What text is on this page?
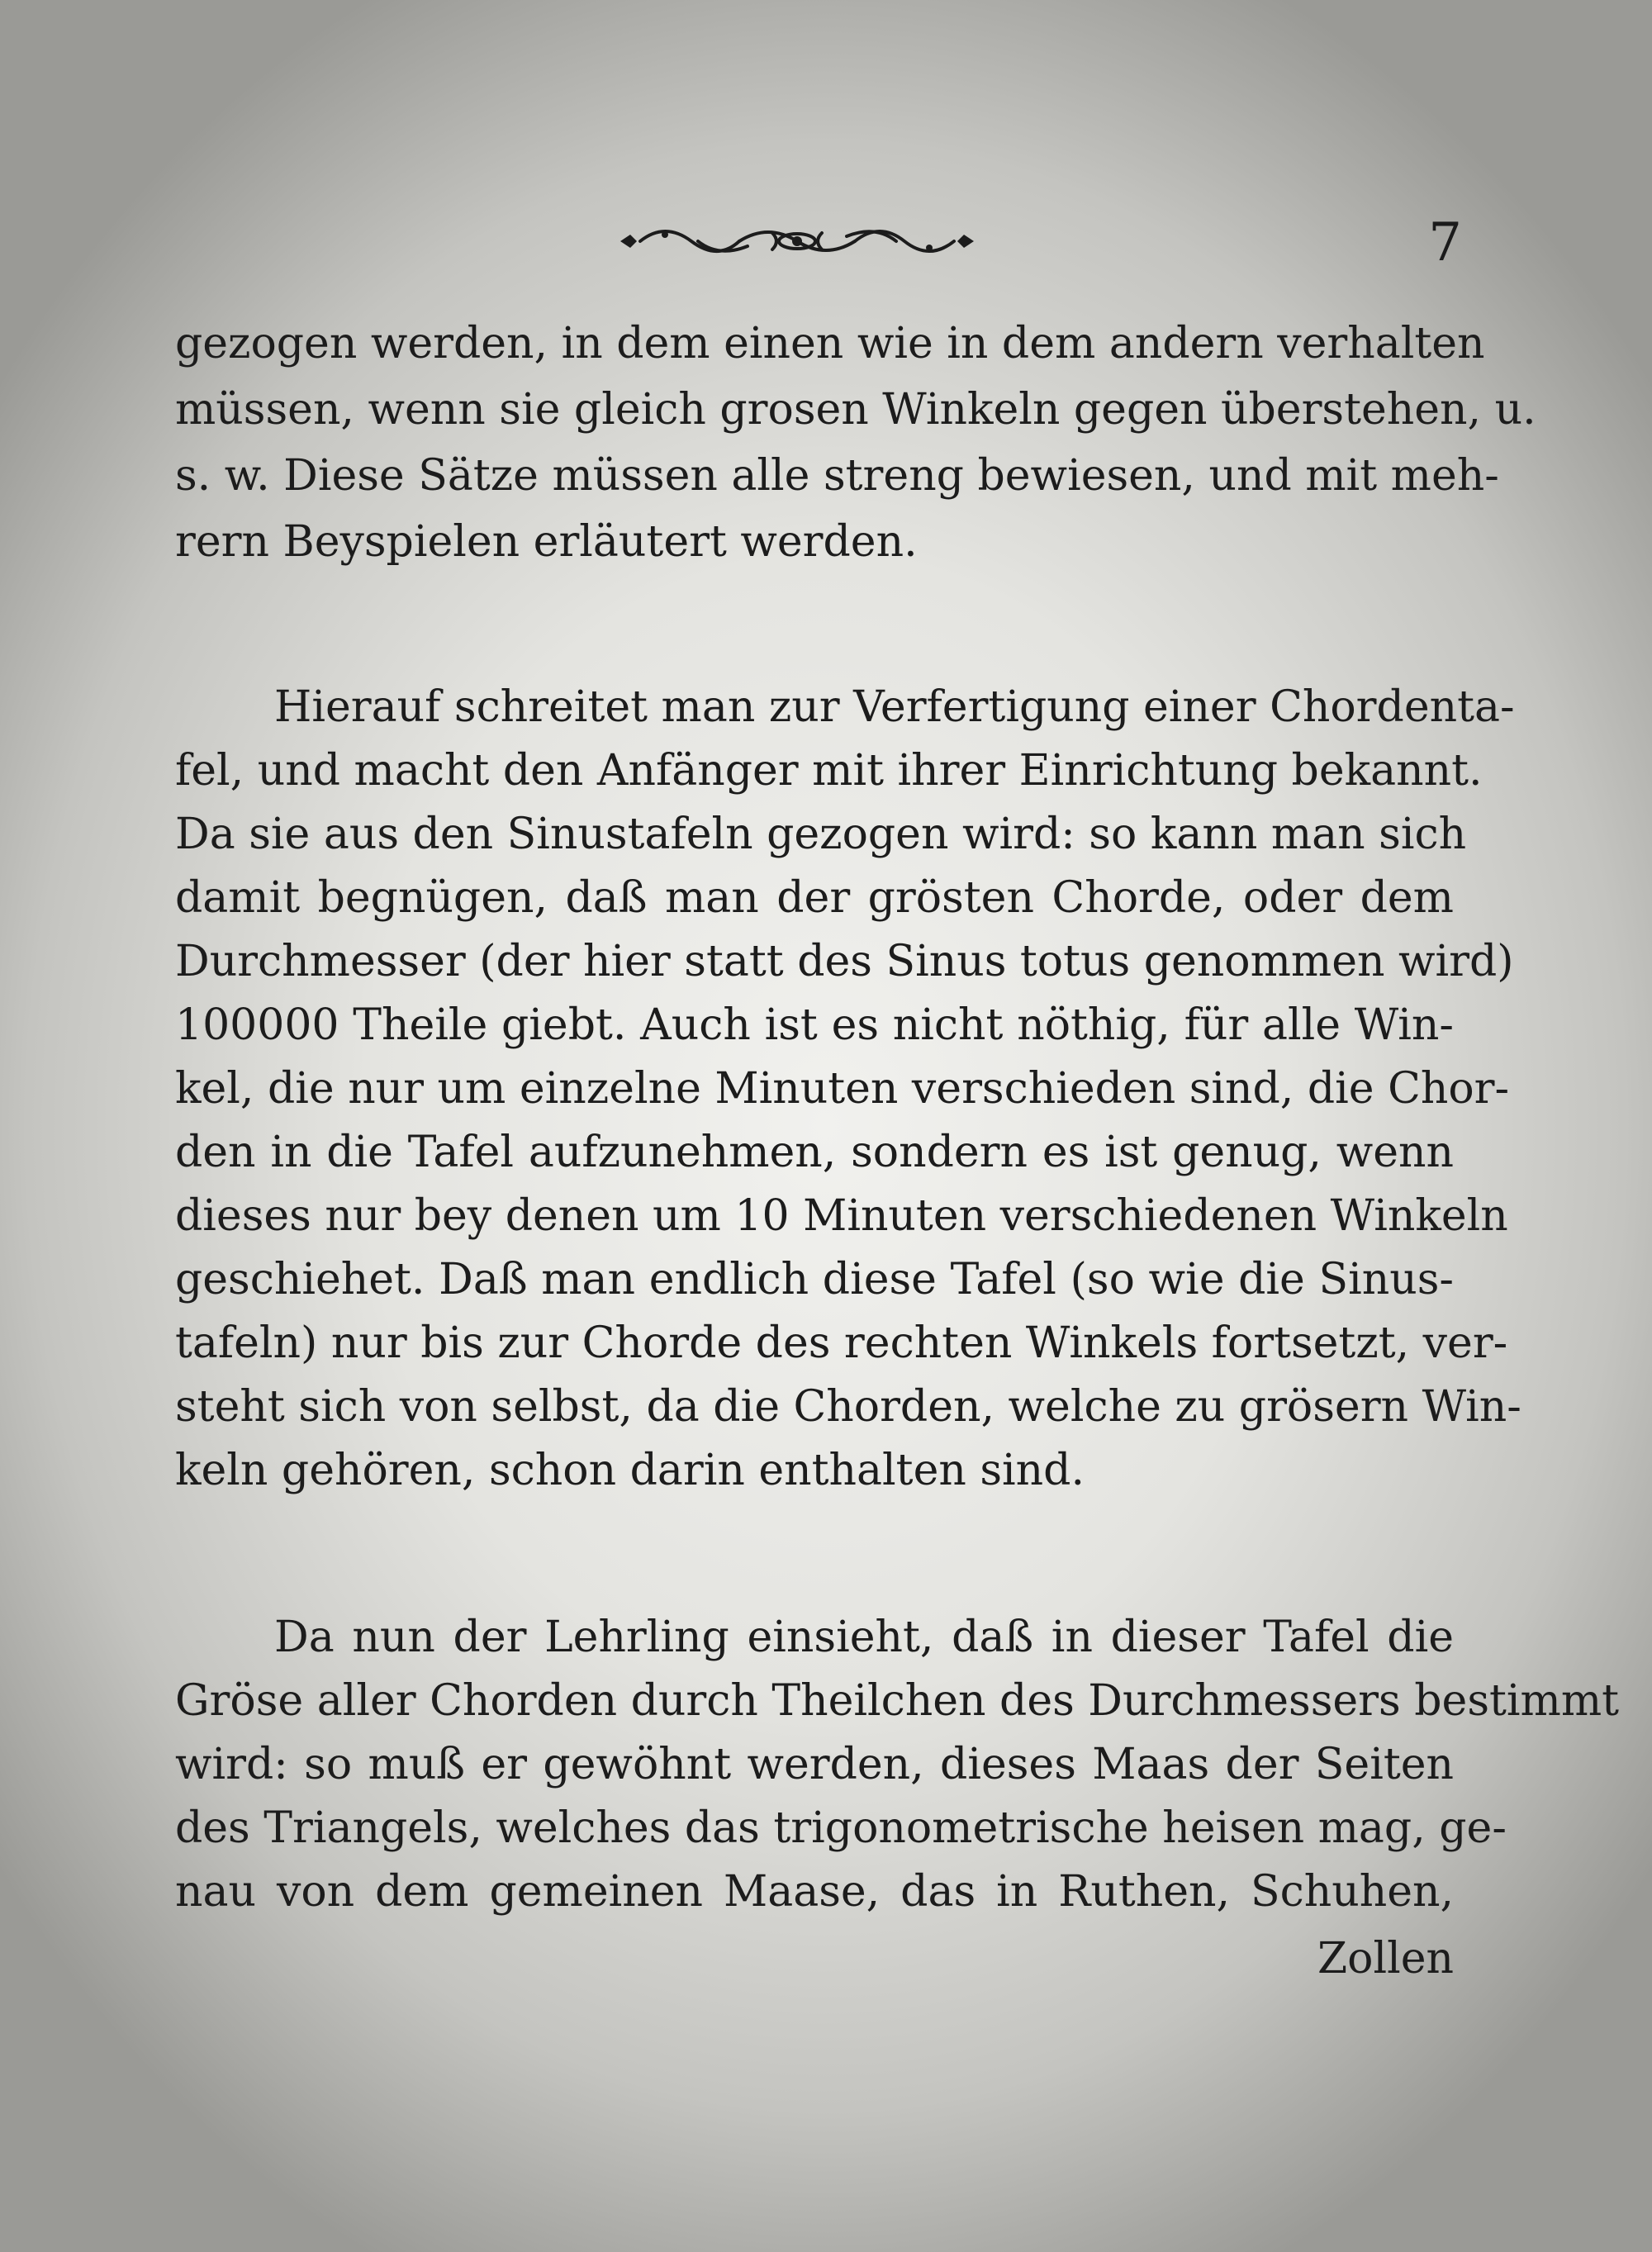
7
gezogen werden, in dem einen wie in dem andern verhalten
müssen, wenn sie gleich grosen Winkeln gegen überstehen, u.
s. w. Diese Sätze müssen alle streng bewiesen, und mit meh-
rern Beyspielen erläutert werden.
Hierauf schreitet man zur Verfertigung einer Chordenta-
fel, und macht den Anfänger mit ihrer Einrichtung bekannt.
Da sie aus den Sinustafeln gezogen wird: so kann man sich
damit begnügen, daß man der grösten Chorde, oder dem
Durchmesser (der hier statt des Sinus totus genommen wird)
100000 Theile giebt. Auch ist es nicht nöthig, für alle Win-
kel, die nur um einzelne Minuten verschieden sind, die Chor-
den in die Tafel aufzunehmen, sondern es ist genug, wenn
dieses nur bey denen um 10 Minuten verschiedenen Winkeln
geschiehet. Daß man endlich diese Tafel (so wie die Sinus-
tafeln) nur bis zur Chorde des rechten Winkels fortsetzt, ver-
steht sich von selbst, da die Chorden, welche zu grösern Win-
keln gehören, schon darin enthalten sind.
Da nun der Lehrling einsieht, daß in dieser Tafel die
Gröse aller Chorden durch Theilchen des Durchmessers bestimmt
wird: so muß er gewöhnt werden, dieses Maas der Seiten
des Triangels, welches das trigonometrische heisen mag, ge-
nau von dem gemeinen Maase, das in Ruthen, Schuhen,
Zollen
